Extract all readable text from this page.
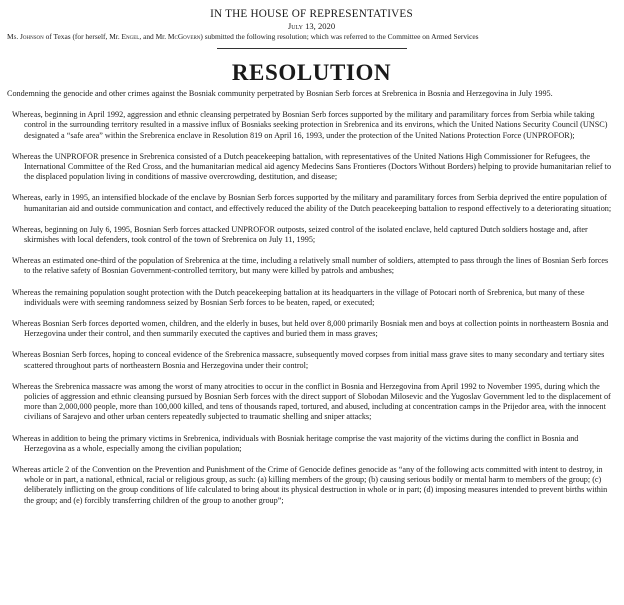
IN THE HOUSE OF REPRESENTATIVES
July 13, 2020
Ms. Johnson of Texas (for herself, Mr. Engel, and Mr. McGovern) submitted the following resolution; which was referred to the Committee on Armed Services
RESOLUTION
Condemning the genocide and other crimes against the Bosniak community perpetrated by Bosnian Serb forces at Srebrenica in Bosnia and Herzegovina in July 1995.
Whereas, beginning in April 1992, aggression and ethnic cleansing perpetrated by Bosnian Serb forces supported by the military and paramilitary forces from Serbia while taking control in the surrounding territory resulted in a massive influx of Bosniaks seeking protection in Srebrenica and its environs, which the United Nations Security Council (UNSC) designated a “safe area” within the Srebrenica enclave in Resolution 819 on April 16, 1993, under the protection of the United Nations Protection Force (UNPROFOR);
Whereas the UNPROFOR presence in Srebrenica consisted of a Dutch peacekeeping battalion, with representatives of the United Nations High Commissioner for Refugees, the International Committee of the Red Cross, and the humanitarian medical aid agency Medecins Sans Frontieres (Doctors Without Borders) helping to provide humanitarian relief to the displaced population living in conditions of massive overcrowding, destitution, and disease;
Whereas, early in 1995, an intensified blockade of the enclave by Bosnian Serb forces supported by the military and paramilitary forces from Serbia deprived the entire population of humanitarian aid and outside communication and contact, and effectively reduced the ability of the Dutch peacekeeping battalion to respond effectively to a deteriorating situation;
Whereas, beginning on July 6, 1995, Bosnian Serb forces attacked UNPROFOR outposts, seized control of the isolated enclave, held captured Dutch soldiers hostage and, after skirmishes with local defenders, took control of the town of Srebrenica on July 11, 1995;
Whereas an estimated one-third of the population of Srebrenica at the time, including a relatively small number of soldiers, attempted to pass through the lines of Bosnian Serb forces to the relative safety of Bosnian Government-controlled territory, but many were killed by patrols and ambushes;
Whereas the remaining population sought protection with the Dutch peacekeeping battalion at its headquarters in the village of Potocari north of Srebrenica, but many of these individuals were with seeming randomness seized by Bosnian Serb forces to be beaten, raped, or executed;
Whereas Bosnian Serb forces deported women, children, and the elderly in buses, but held over 8,000 primarily Bosniak men and boys at collection points in northeastern Bosnia and Herzegovina under their control, and then summarily executed the captives and buried them in mass graves;
Whereas Bosnian Serb forces, hoping to conceal evidence of the Srebrenica massacre, subsequently moved corpses from initial mass grave sites to many secondary and tertiary sites scattered throughout parts of northeastern Bosnia and Herzegovina under their control;
Whereas the Srebrenica massacre was among the worst of many atrocities to occur in the conflict in Bosnia and Herzegovina from April 1992 to November 1995, during which the policies of aggression and ethnic cleansing pursued by Bosnian Serb forces with the direct support of Slobodan Milosevic and the Yugoslav Government led to the displacement of more than 2,000,000 people, more than 100,000 killed, and tens of thousands raped, tortured, and abused, including at concentration camps in the Prijedor area, with the innocent civilians of Sarajevo and other urban centers repeatedly subjected to traumatic shelling and sniper attacks;
Whereas in addition to being the primary victims in Srebrenica, individuals with Bosniak heritage comprise the vast majority of the victims during the conflict in Bosnia and Herzegovina as a whole, especially among the civilian population;
Whereas article 2 of the Convention on the Prevention and Punishment of the Crime of Genocide defines genocide as “any of the following acts committed with intent to destroy, in whole or in part, a national, ethnical, racial or religious group, as such: (a) killing members of the group; (b) causing serious bodily or mental harm to members of the group; (c) deliberately inflicting on the group conditions of life calculated to bring about its physical destruction in whole or in part; (d) imposing measures intended to prevent births within the group; and (e) forcibly transferring children of the group to another group”;
